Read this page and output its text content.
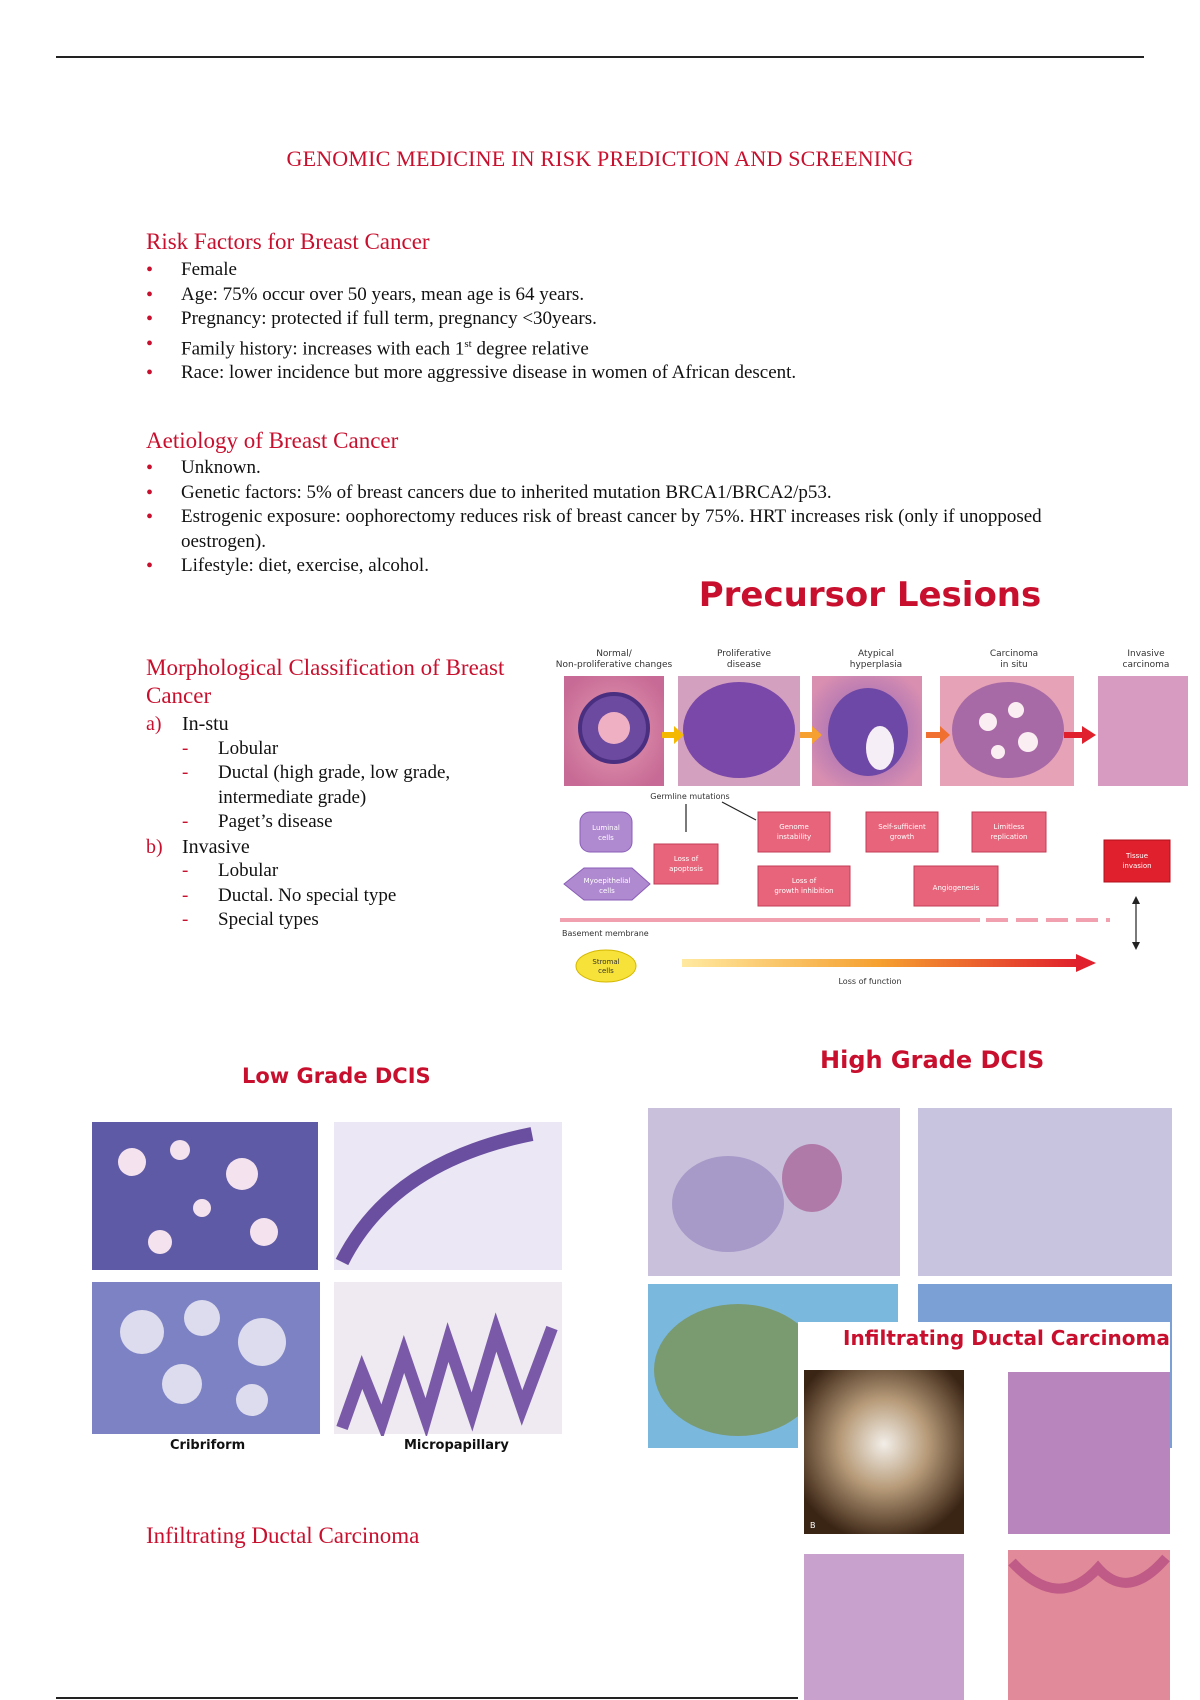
GENOMIC MEDICINE IN RISK PREDICTION AND SCREENING
Risk Factors for Breast Cancer
• Female
• Age: 75% occur over 50 years, mean age is 64 years.
• Pregnancy: protected if full term, pregnancy <30years.
• Family history: increases with each 1st degree relative
• Race: lower incidence but more aggressive disease in women of African descent.
Aetiology of Breast Cancer
• Unknown.
• Genetic factors: 5% of breast cancers due to inherited mutation BRCA1/BRCA2/p53.
• Estrogenic exposure: oophorectomy reduces risk of breast cancer by 75%. HRT increases risk (only if unopposed oestrogen).
• Lifestyle: diet, exercise, alcohol.
Morphological Classification of Breast Cancer
a)	In-stu
- Lobular
- Ductal (high grade, low grade, intermediate grade)
- Paget’s disease
b) Invasive
- Lobular
- Ductal. No special type
- Special types
Precursor Lesions
Normal/
Non-proliferative changes
Proliferative
disease
Atypical
hyperplasia
Carcinoma
in situ
Invasive
carcinoma
Germline mutations
Luminal
cells
Myoepithelial
cells
Loss of
apoptosis
Genome
instability
Loss of
growth inhibition
Self-sufficient
growth
Angiogenesis
Limitless
replication
Tissue
invasion
Basement membrane
Stromal
cells
Loss of function
Low Grade DCIS
Cribriform	Micropapillary
High Grade DCIS
Infiltrating Ductal Carcinoma
B
Infiltrating Ductal Carcinoma
